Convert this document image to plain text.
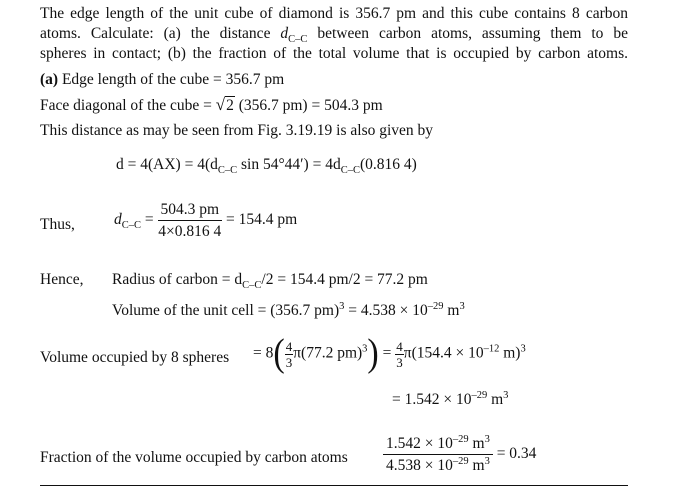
The edge length of the unit cube of diamond is 356.7 pm and this cube contains 8 carbon
atoms. Calculate: (a) the distance $d_{C-C}$ between carbon atoms, assuming them to be
spheres in contact; (b) the fraction of the total volume that is occupied by carbon atoms.
(a) Edge length of the cube = 356.7 pm
Face diagonal of the cube = √2 (356.7 pm) = 504.3 pm
This distance as may be seen from Fig. 3.19.19 is also given by
$d = 4(AX) = 4(d_{C-C}$ $\sin 54^\circ 44') = 4d_{C-C}(0.816$ 4)
Thus,	$d_{C-C} = \frac{504.3 pm}{4\times 0.816 4} = 154.4$ pm
Hence, Radius of carbon = $d_{C-C}/2 = 154.4$ pm/2 = 77.2 pm
Volume of the unit cell = (356.7 $pm)^3 = 4.538 \times 10^{-29}$ $m^3$
Volume occupied by 8 spheres = $8( \frac{4}{3} \pi(77.2$ $pm)^3) = \frac{4}{3} \pi(154.4 \times 10^{-12}$ m)$^3$
= $1.542 \times 10^{-29}$ $m^3$
Fraction of the volume occupied by carbon atoms $\frac{1.542 \times 10^{-29} m^3}{4.538 \times 10^{-29} m^3} = 0.34$
